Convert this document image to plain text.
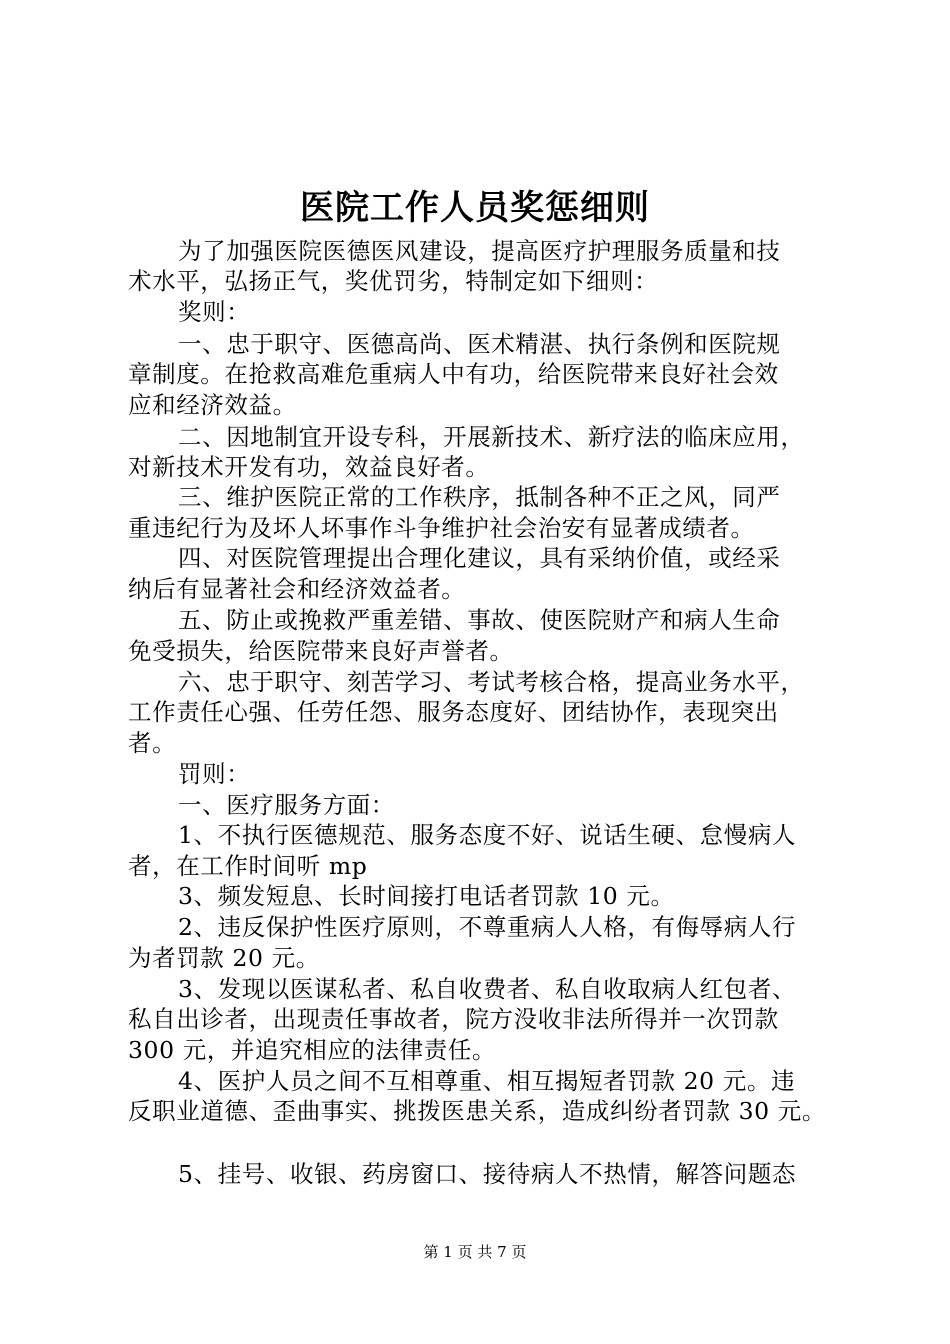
医院工作人员奖惩细则
为了加强医院医德医风建设，提高医疗护理服务质量和技
术水平，弘扬正气，奖优罚劣，特制定如下细则：
奖则：
一、忠于职守、医德高尚、医术精湛、执行条例和医院规
章制度。在抢救高难危重病人中有功，给医院带来良好社会效
应和经济效益。
二、因地制宜开设专科，开展新技术、新疗法的临床应用，
对新技术开发有功，效益良好者。
三、维护医院正常的工作秩序，抵制各种不正之风，同严
重违纪行为及坏人坏事作斗争维护社会治安有显著成绩者。
四、对医院管理提出合理化建议，具有采纳价值，或经采
纳后有显著社会和经济效益者。
五、防止或挽救严重差错、事故、使医院财产和病人生命
免受损失，给医院带来良好声誉者。
六、忠于职守、刻苦学习、考试考核合格，提高业务水平，
工作责任心强、任劳任怨、服务态度好、团结协作，表现突出
者。
罚则：
一、医疗服务方面：
1、不执行医德规范、服务态度不好、说话生硬、怠慢病人
者，在工作时间听 mp
3、频发短息、长时间接打电话者罚款 10 元。
2、违反保护性医疗原则，不尊重病人人格，有侮辱病人行
为者罚款 20 元。
3、发现以医谋私者、私自收费者、私自收取病人红包者、
私自出诊者，出现责任事故者，院方没收非法所得并一次罚款
300 元，并追究相应的法律责任。
4、医护人员之间不互相尊重、相互揭短者罚款 20 元。违
反职业道德、歪曲事实、挑拨医患关系，造成纠纷者罚款 30 元。
5、挂号、收银、药房窗口、接待病人不热情，解答问题态
第 1 页 共 7 页
